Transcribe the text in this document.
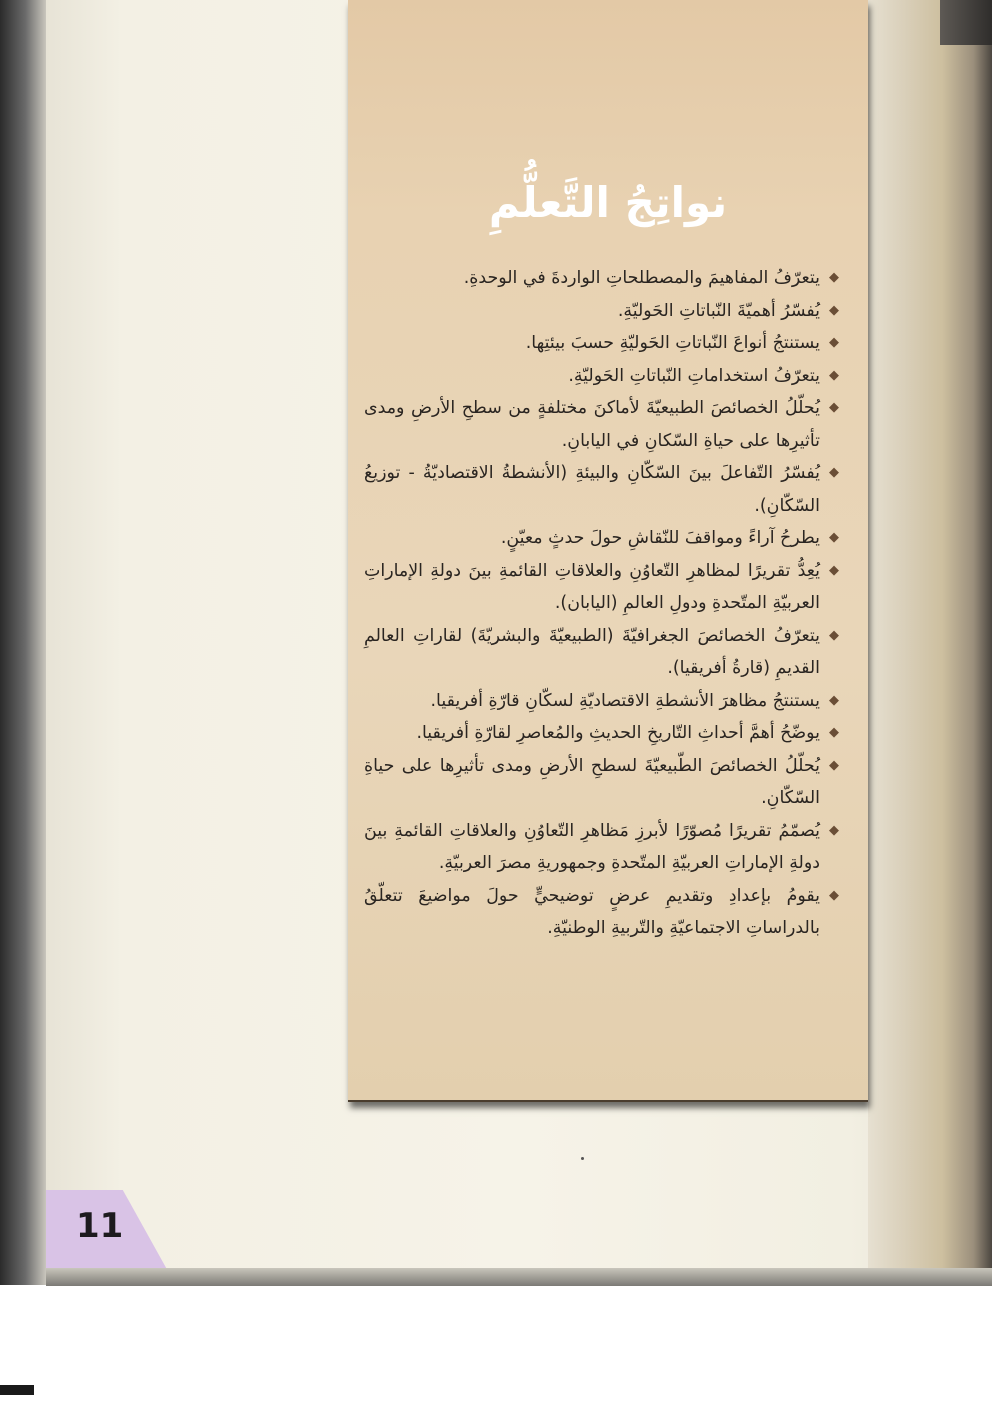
نواتِجُ التَّعلُّمِ
◆
يتعرّفُ المفاهيمَ والمصطلحاتِ الواردةَ في الوحدةِ.
◆
يُفسّرُ أهميّةَ النّباتاتِ الحَوليّةِ.
◆
يستنتجُ أنواعَ النّباتاتِ الحَوليّةِ حسبَ بيئتِها.
◆
يتعرّفُ استخداماتِ النّباتاتِ الحَوليّةِ.
◆
يُحلّلُ الخصائصَ الطبيعيّةَ لأماكنَ مختلفةٍ من سطحِ الأرضِ ومدى تأثيرِها على حياةِ السّكانِ في اليابانِ.
◆
يُفسّرُ التّفاعلَ بينَ السّكّانِ والبيئةِ (الأنشطةُ الاقتصاديّةُ - توزيعُ السّكّانِ).
◆
يطرحُ آراءً ومواقفَ للنّقاشِ حولَ حدثٍ معيّنٍ.
◆
يُعِدُّ تقريرًا لمظاهرِ التّعاوُنِ والعلاقاتِ القائمةِ بينَ دولةِ الإماراتِ العربيّةِ المتّحدةِ ودولِ العالمِ (اليابان).
◆
يتعرّفُ الخصائصَ الجغرافيّةَ (الطبيعيّةَ والبشريّةَ) لقاراتِ العالمِ القديمِ (قارةُ أفريقيا).
◆
يستنتجُ مظاهرَ الأنشطةِ الاقتصاديّةِ لسكّانِ قارّةِ أفريقيا.
◆
يوضّحُ أهمَّ أحداثِ التّاريخِ الحديثِ والمُعاصرِ لقارّةِ أفريقيا.
◆
يُحلّلُ الخصائصَ الطّبيعيّةَ لسطحِ الأرضِ ومدى تأثيرِها على حياةِ السّكّانِ.
◆
يُصمّمُ تقريرًا مُصوّرًا لأبرزِ مَظاهرِ التّعاوُنِ والعلاقاتِ القائمةِ بينَ دولةِ الإماراتِ العربيّةِ المتّحدةِ وجمهوريةِ مصرَ العربيّةِ.
◆
يقومُ بإعدادِ وتقديمِ عرضٍ توضيحيٍّ حولَ مواضيعَ تتعلّقُ بالدراساتِ الاجتماعيّةِ والتّربيةِ الوطنيّةِ.
11
